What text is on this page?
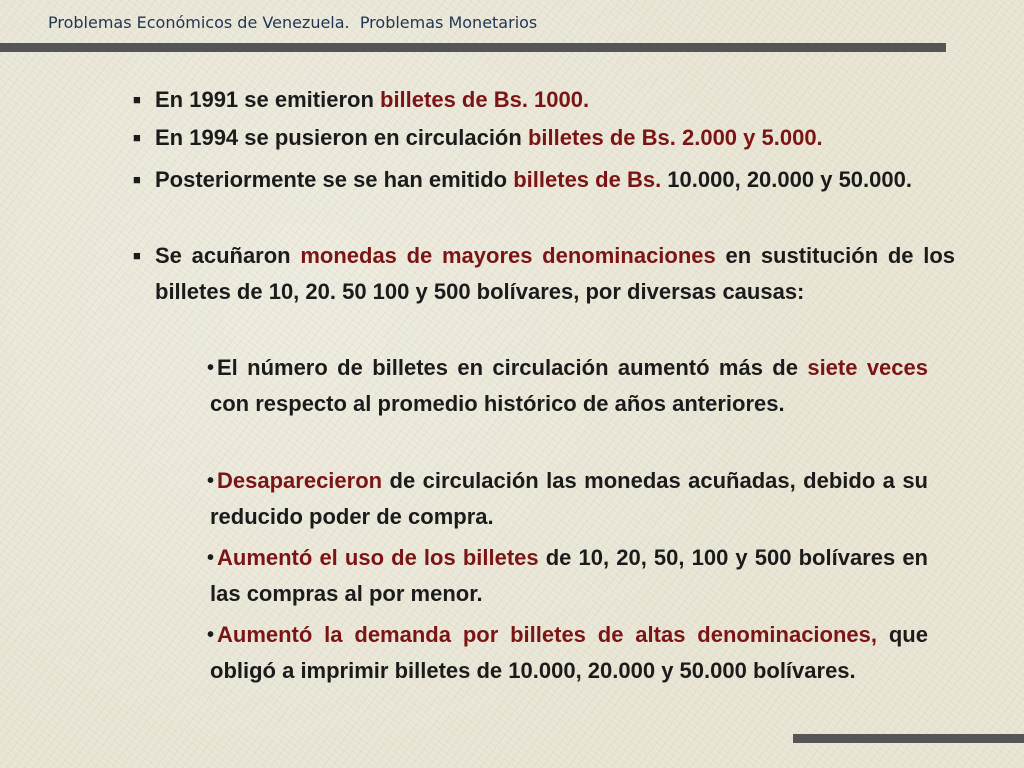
Problemas Económicos de Venezuela.  Problemas Monetarios
■ En 1991 se emitieron billetes de Bs. 1000.
■ En 1994 se pusieron en circulación billetes de Bs. 2.000 y 5.000.
■ Posteriormente se se han emitido billetes de Bs. 10.000, 20.000 y 50.000.
■ Se acuñaron monedas de mayores denominaciones en sustitución de los billetes de 10, 20. 50 100 y 500 bolívares, por diversas causas:
• El número de billetes en circulación aumentó más de siete veces con respecto al promedio histórico de años anteriores.
• Desaparecieron de circulación las monedas acuñadas, debido a su reducido poder de compra.
• Aumentó el uso de los billetes de 10, 20, 50, 100 y 500 bolívares en las compras al por menor.
• Aumentó la demanda por billetes de altas denominaciones, que obligó a imprimir billetes de 10.000, 20.000 y 50.000 bolívares.
